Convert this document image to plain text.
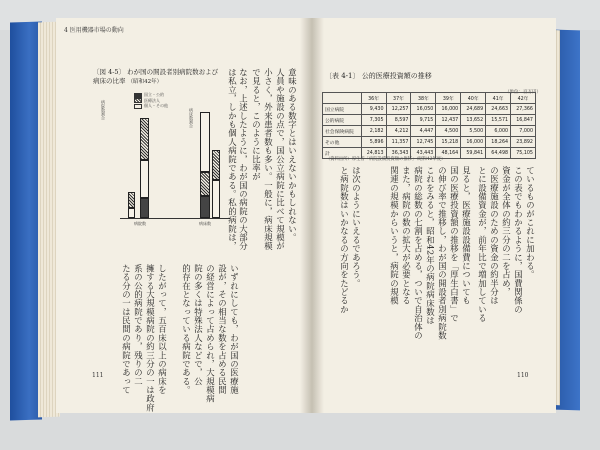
4 医用機器市場の動向
〔図 4-5〕 わが国の開設者別病院数および
病床の比率 （昭和42年）
国立・公的
医療法人
個人・その他
病院数割合	病床数割合
病院数	病床数	なお，上述したように，わが国の病院の大部分
は私立，しかも個人病院である。私的病院は，	人員や施設の点で，国公立病院に比べて規模が
小さく，外来患者数も多い。一般に，病床規模
で見ると，このように比率が	意味のある数字とはいえないかもしれない。
いずれにしても，わが国の医療施
設が，その相当な数を占める民間
の経営によって占められ，大規模病
院の多くは特殊法人などで，公
的存在となっている病院である。
したがって，五百床以上の病床を
擁する大規模病院の約三分の一は政府
系の公的病院であり，残りの二
たる分の一は民間の病院であって
111
〔表 4-1〕 公的医療投資額の推移
（単位：百万円）
	36年	37年	38年	39年	40年	41年	42年
国立病院	9,430	12,257	16,050	16,000	24,689	24,663	27,366
公的病院	7,305	8,597	9,715	12,437	13,652	15,571	16,847
社会保険病院	2,182	4,212	4,447	4,500	5,500	6,000	7,000
その他	5,896	11,357	12,745	15,218	16,000	18,264	23,892
計	24,813	36,343	43,443	48,164	59,841	64,498	75,105
（資料出所）厚生省「病院設備投資額の推移」（昭和42年度）
この表でもわかるように，国費関係の
資金が全体の約三分の二を占め，
の医療施設のための資金の約半分は
とに設備資金が，前年比で増加している	ているものがこれに加わる。
見ると，医療施設設備費についても
国の医療投資額の推移を「厚生白書」で
の伸び率で推移し，わが国の開設者別病院数
これをみると，昭和42年の病院病床数は
病院の総数の七割を占める，ついで自治体の
また，病院の数の拡大が必要となる
関連の規模からいうと，病院の規模
は次のようにいえるであろう。
と病院数はいかなるの方向をたどるか
110
